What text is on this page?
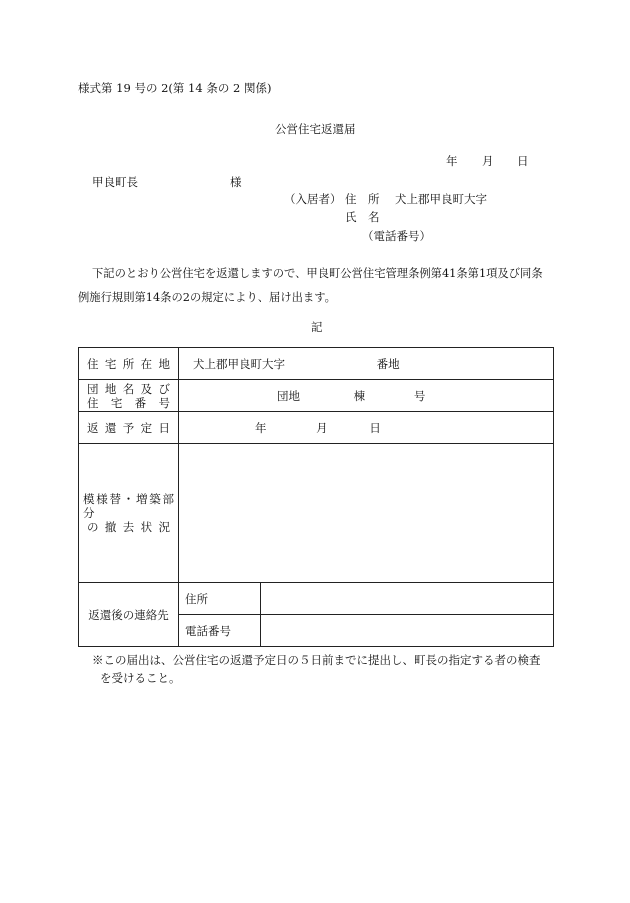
様式第 19 号の 2(第 14 条の 2 関係)
公営住宅返還届
年 月 日
甲良町長	様
（入居者） 住　所 犬上郡甲良町大字
氏　名
（電話番号）
下記のとおり公営住宅を返還しますので、甲良町公営住宅管理条例第41条第1項及び同条
例施行規則第14条の2の規定により、届け出ます。
記
住宅所在地	犬上郡甲良町大字 番地	

団地名及び
住宅番号	団地 棟 号	

返還予定日	年 月 日	

模様替・増築部分
の撤去状況		

返還後の連絡先	住所	
	電話番号	
※この届出は、公営住宅の返還予定日の５日前までに提出し、町長の指定する者の検査
を受けること。
